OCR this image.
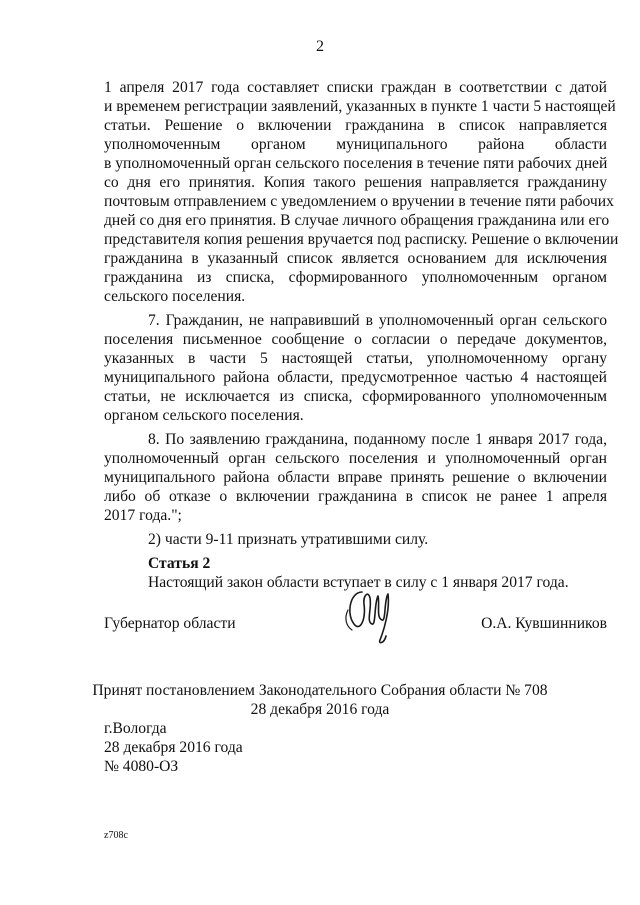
2
1 апреля 2017 года составляет списки граждан в соответствии с датой
и временем регистрации заявлений, указанных в пункте 1 части 5 настоящей
статьи. Решение о включении гражданина в список направляется
уполномоченным органом муниципального района области
в уполномоченный орган сельского поселения в течение пяти рабочих дней
со дня его принятия. Копия такого решения направляется гражданину
почтовым отправлением с уведомлением о вручении в течение пяти рабочих
дней со дня его принятия. В случае личного обращения гражданина или его
представителя копия решения вручается под расписку. Решение о включении
гражданина в указанный список является основанием для исключения
гражданина из списка, сформированного уполномоченным органом
сельского поселения.
7. Гражданин, не направивший в уполномоченный орган сельского
поселения письменное сообщение о согласии о передаче документов,
указанных в части 5 настоящей статьи, уполномоченному органу
муниципального района области, предусмотренное частью 4 настоящей
статьи, не исключается из списка, сформированного уполномоченным
органом сельского поселения.
8. По заявлению гражданина, поданному после 1 января 2017 года,
уполномоченный орган сельского поселения и уполномоченный орган
муниципального района области вправе принять решение о включении
либо об отказе о включении гражданина в список не ранее 1 апреля
2017 года.";
2) части 9-11 признать утратившими силу.
Статья 2
Настоящий закон области вступает в силу с 1 января 2017 года.
Губернатор области	О.А. Кувшинников
Принят постановлением Законодательного Собрания области № 708
28 декабря 2016 года
г.Вологда
28 декабря 2016 года
№ 4080-ОЗ
z708c
